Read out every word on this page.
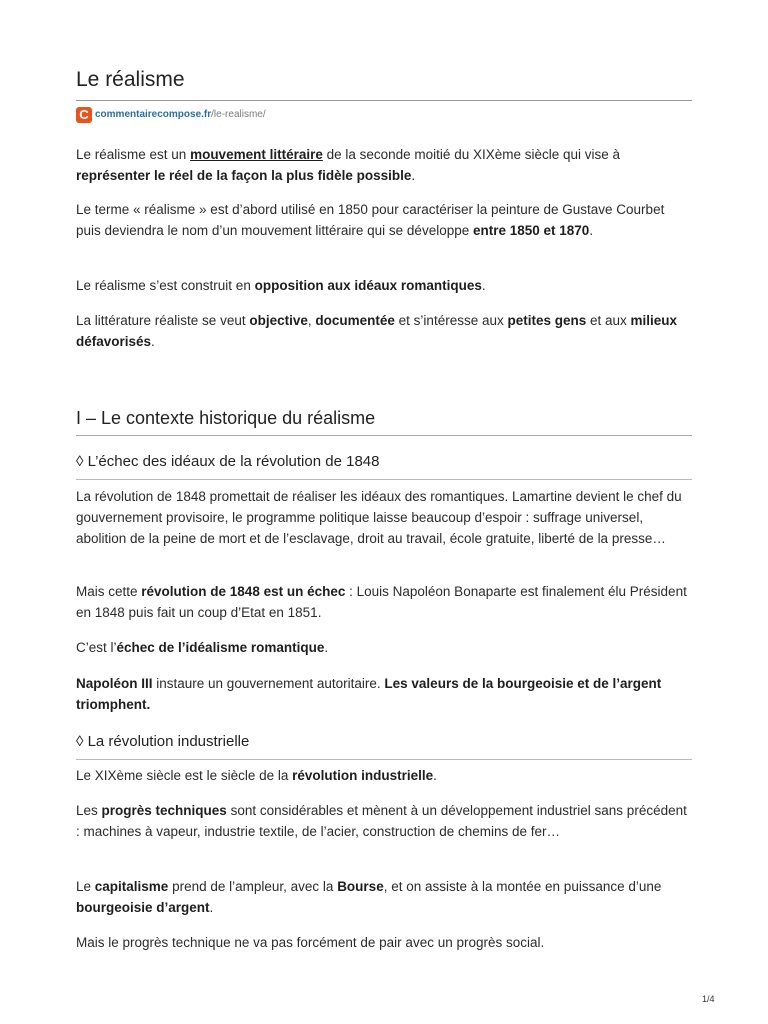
Le réalisme
C commentairecompose.fr /le-realisme/

Le réalisme est un mouvement littéraire de la seconde moitié du XIXème siècle qui vise à représenter le réel de la façon la plus fidèle possible.

Le terme « réalisme » est d’abord utilisé en 1850 pour caractériser la peinture de Gustave Courbet puis deviendra le nom d’un mouvement littéraire qui se développe entre 1850 et 1870.

Le réalisme s’est construit en opposition aux idéaux romantiques.

La littérature réaliste se veut objective, documentée et s’intéresse aux petites gens et aux milieux défavorisés.

I – Le contexte historique du réalisme
◊ L’échec des idéaux de la révolution de 1848

La révolution de 1848 promettait de réaliser les idéaux des romantiques. Lamartine devient le chef du gouvernement provisoire, le programme politique laisse beaucoup d’espoir : suffrage universel, abolition de la peine de mort et de l’esclavage, droit au travail, école gratuite, liberté de la presse…

Mais cette révolution de 1848 est un échec : Louis Napoléon Bonaparte est finalement élu Président en 1848 puis fait un coup d’Etat en 1851.

C’est l’échec de l’idéalisme romantique.

Napoléon III instaure un gouvernement autoritaire. Les valeurs de la bourgeoisie et de l’argent triomphent.

◊ La révolution industrielle

Le XIXème siècle est le siècle de la révolution industrielle.

Les progrès techniques sont considérables et mènent à un développement industriel sans précédent : machines à vapeur, industrie textile, de l’acier, construction de chemins de fer…

Le capitalisme prend de l’ampleur, avec la Bourse, et on assiste à la montée en puissance d’une bourgeoisie d’argent.

Mais le progrès technique ne va pas forcément de pair avec un progrès social.

1/4
